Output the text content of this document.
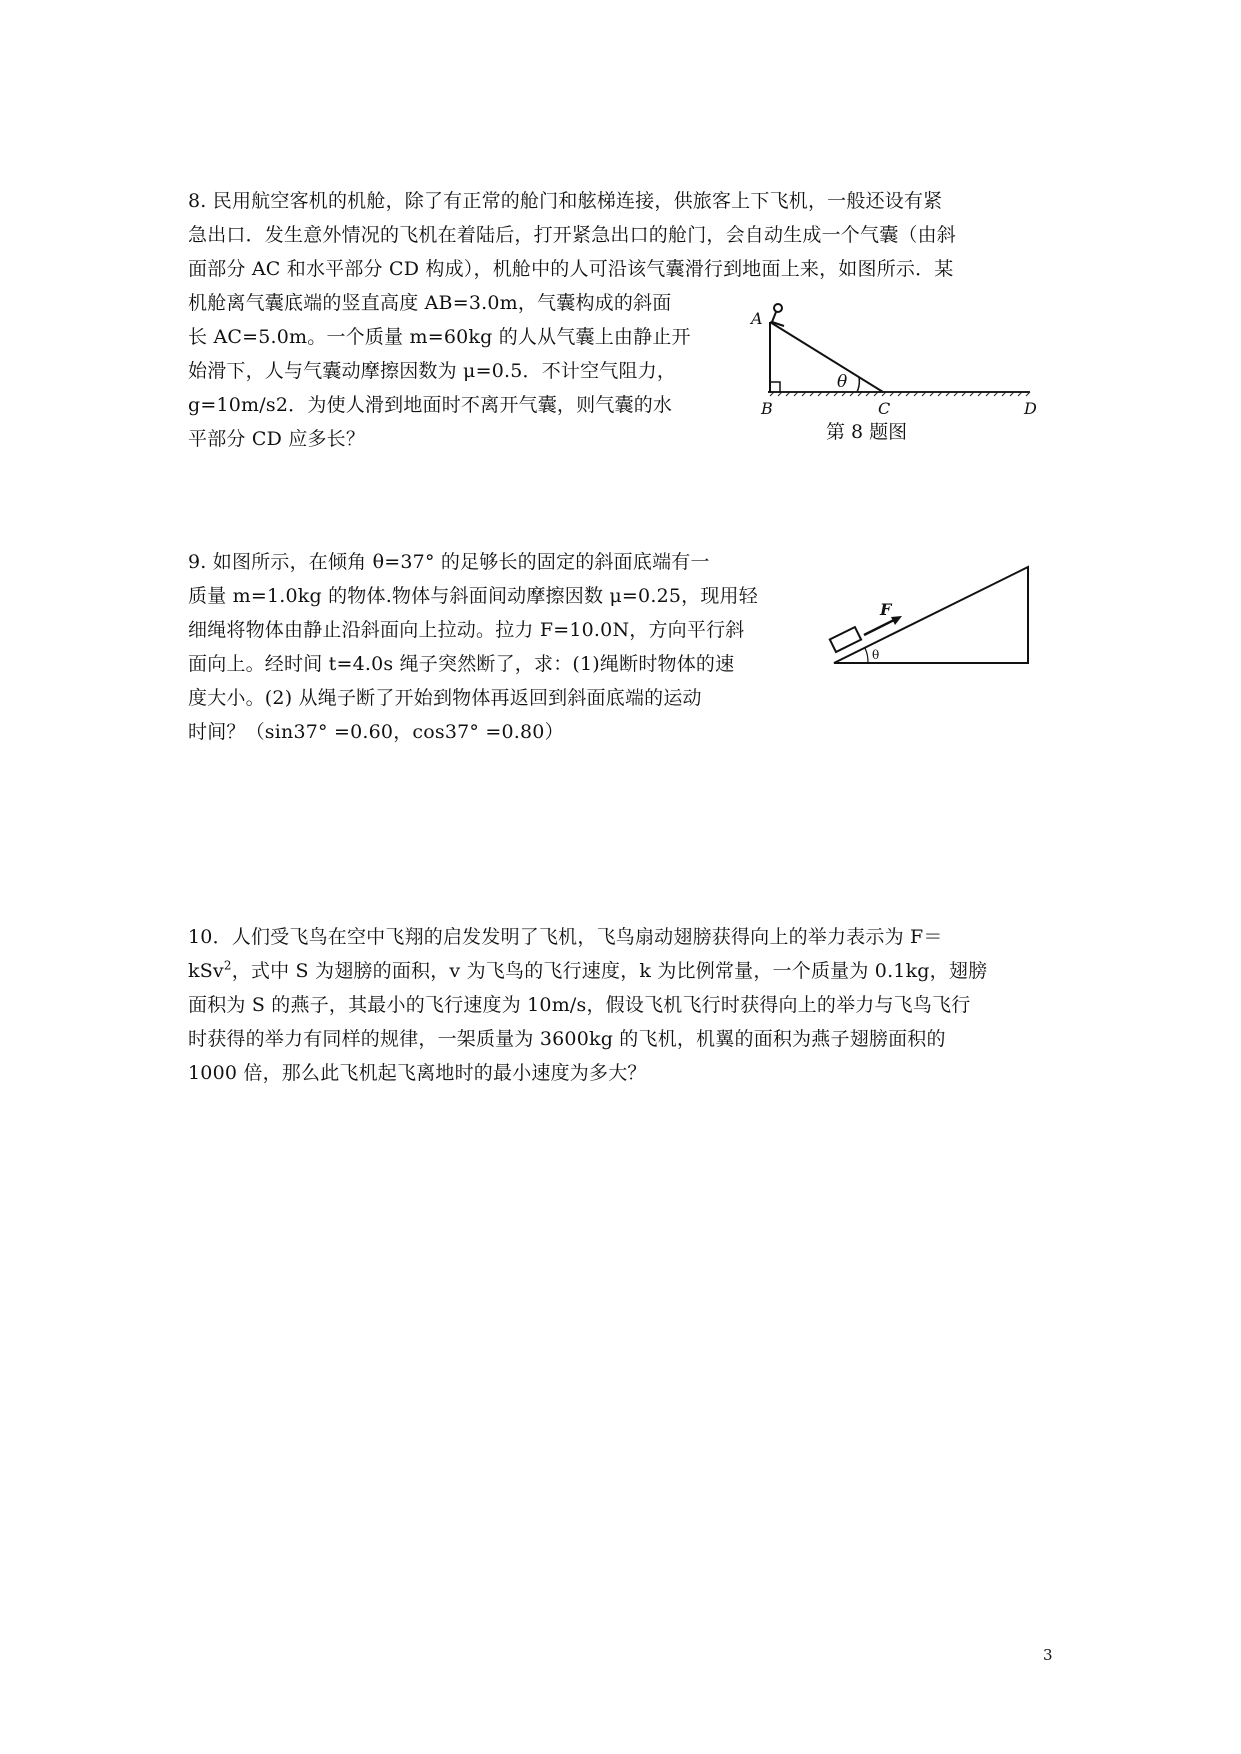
8. 民用航空客机的机舱，除了有正常的舱门和舷梯连接，供旅客上下飞机，一般还设有紧
急出口．发生意外情况的飞机在着陆后，打开紧急出口的舱门，会自动生成一个气囊（由斜
面部分 AC 和水平部分 CD 构成），机舱中的人可沿该气囊滑行到地面上来，如图所示．某
机舱离气囊底端的竖直高度 AB=3.0m，气囊构成的斜面
长 AC=5.0m。一个质量 m=60kg 的人从气囊上由静止开
始滑下，人与气囊动摩擦因数为 μ=0.5．不计空气阻力，
g=10m/s2．为使人滑到地面时不离开气囊，则气囊的水
平部分 CD 应多长？
θ
A
B	C	D
第 8 题图
9. 如图所示，在倾角 θ=37° 的足够长的固定的斜面底端有一
质量 m=1.0kg 的物体.物体与斜面间动摩擦因数 μ=0.25，现用轻
细绳将物体由静止沿斜面向上拉动。拉力 F=10.0N，方向平行斜
面向上。经时间 t=4.0s 绳子突然断了，求：(1)绳断时物体的速
度大小。(2) 从绳子断了开始到物体再返回到斜面底端的运动
时间？（sin37° =0.60，cos37° =0.80）
F
θ
10．人们受飞鸟在空中飞翔的启发发明了飞机，飞鸟扇动翅膀获得向上的举力表示为 F＝
kSv$^2$，式中 S 为翅膀的面积，v 为飞鸟的飞行速度，k 为比例常量，一个质量为 0.1kg，翅膀
面积为 S 的燕子，其最小的飞行速度为 10m/s，假设飞机飞行时获得向上的举力与飞鸟飞行
时获得的举力有同样的规律，一架质量为 3600kg 的飞机，机翼的面积为燕子翅膀面积的
1000 倍，那么此飞机起飞离地时的最小速度为多大？
3
